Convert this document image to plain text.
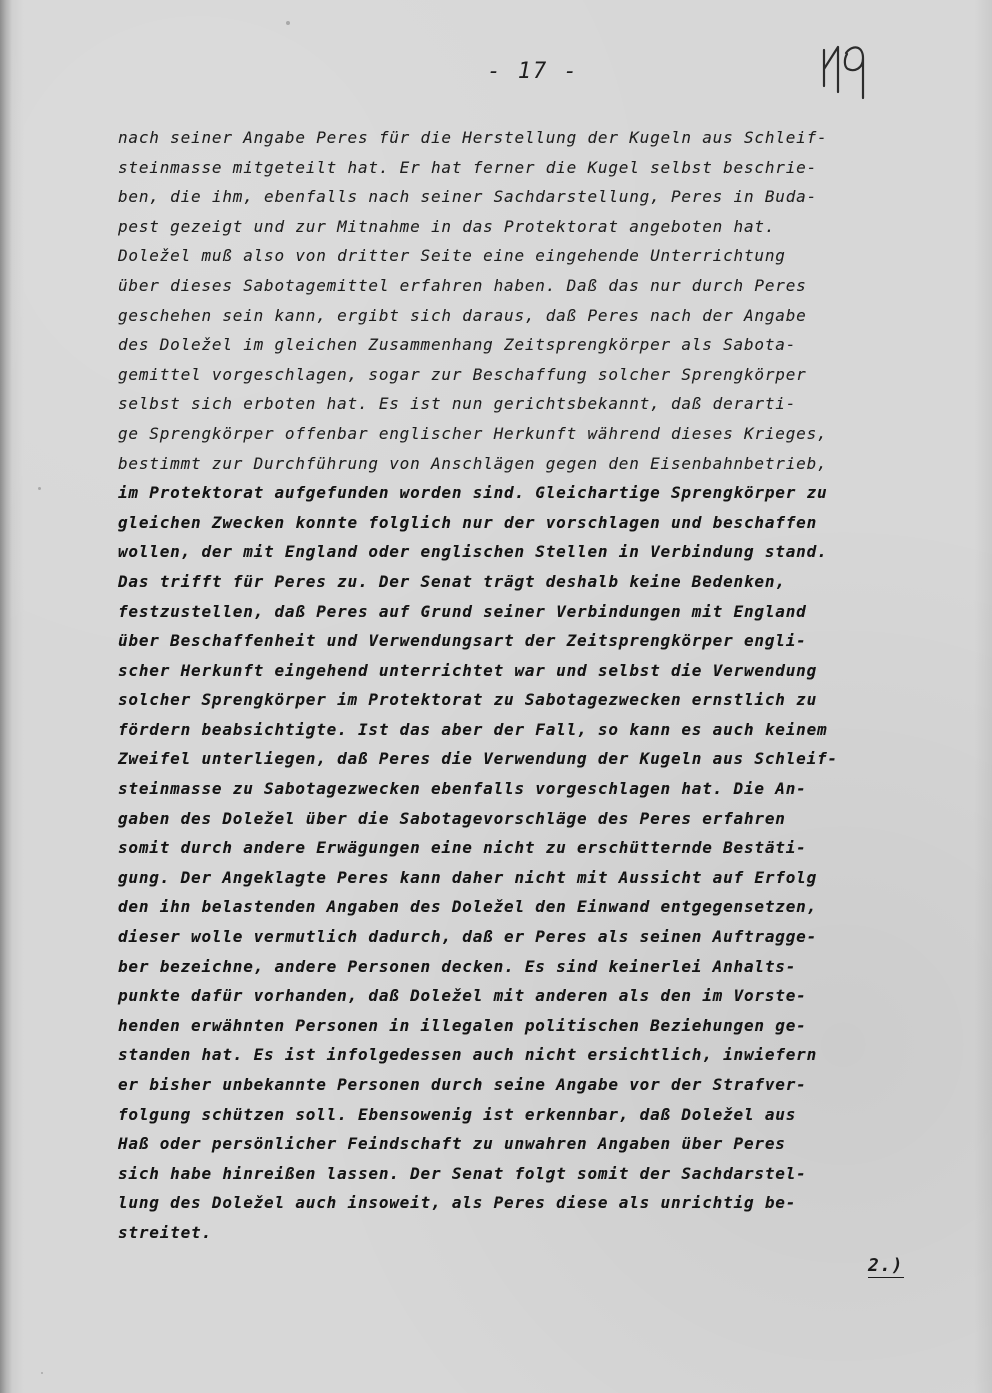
- 17 -
nach seiner Angabe Peres für die Herstellung der Kugeln aus Schleif-
steinmasse mitgeteilt hat. Er hat ferner die Kugel selbst beschrie-
ben, die ihm, ebenfalls nach seiner Sachdarstellung, Peres in Buda-
pest gezeigt und zur Mitnahme in das Protektorat angeboten hat.
Doležel muß also von dritter Seite eine eingehende Unterrichtung
über dieses Sabotagemittel erfahren haben. Daß das nur durch Peres
geschehen sein kann, ergibt sich daraus, daß Peres nach der Angabe
des Doležel im gleichen Zusammenhang Zeitsprengkörper als Sabota-
gemittel vorgeschlagen, sogar zur Beschaffung solcher Sprengkörper
selbst sich erboten hat. Es ist nun gerichtsbekannt, daß derarti-
ge Sprengkörper offenbar englischer Herkunft während dieses Krieges,
bestimmt zur Durchführung von Anschlägen gegen den Eisenbahnbetrieb,
im Protektorat aufgefunden worden sind. Gleichartige Sprengkörper zu
gleichen Zwecken konnte folglich nur der vorschlagen und beschaffen
wollen, der mit England oder englischen Stellen in Verbindung stand.
Das trifft für Peres zu. Der Senat trägt deshalb keine Bedenken,
festzustellen, daß Peres auf Grund seiner Verbindungen mit England
über Beschaffenheit und Verwendungsart der Zeitsprengkörper engli-
scher Herkunft eingehend unterrichtet war und selbst die Verwendung
solcher Sprengkörper im Protektorat zu Sabotagezwecken ernstlich zu
fördern beabsichtigte. Ist das aber der Fall, so kann es auch keinem
Zweifel unterliegen, daß Peres die Verwendung der Kugeln aus Schleif-
steinmasse zu Sabotagezwecken ebenfalls vorgeschlagen hat. Die An-
gaben des Doležel über die Sabotagevorschläge des Peres erfahren
somit durch andere Erwägungen eine nicht zu erschütternde Bestäti-
gung. Der Angeklagte Peres kann daher nicht mit Aussicht auf Erfolg
den ihn belastenden Angaben des Doležel den Einwand entgegensetzen,
dieser wolle vermutlich dadurch, daß er Peres als seinen Auftragge-
ber bezeichne, andere Personen decken. Es sind keinerlei Anhalts-
punkte dafür vorhanden, daß Doležel mit anderen als den im Vorste-
henden erwähnten Personen in illegalen politischen Beziehungen ge-
standen hat. Es ist infolgedessen auch nicht ersichtlich, inwiefern
er bisher unbekannte Personen durch seine Angabe vor der Strafver-
folgung schützen soll. Ebensowenig ist erkennbar, daß Doležel aus
Haß oder persönlicher Feindschaft zu unwahren Angaben über Peres
sich habe hinreißen lassen. Der Senat folgt somit der Sachdarstel-
lung des Doležel auch insoweit, als Peres diese als unrichtig be-
streitet.
2.)
